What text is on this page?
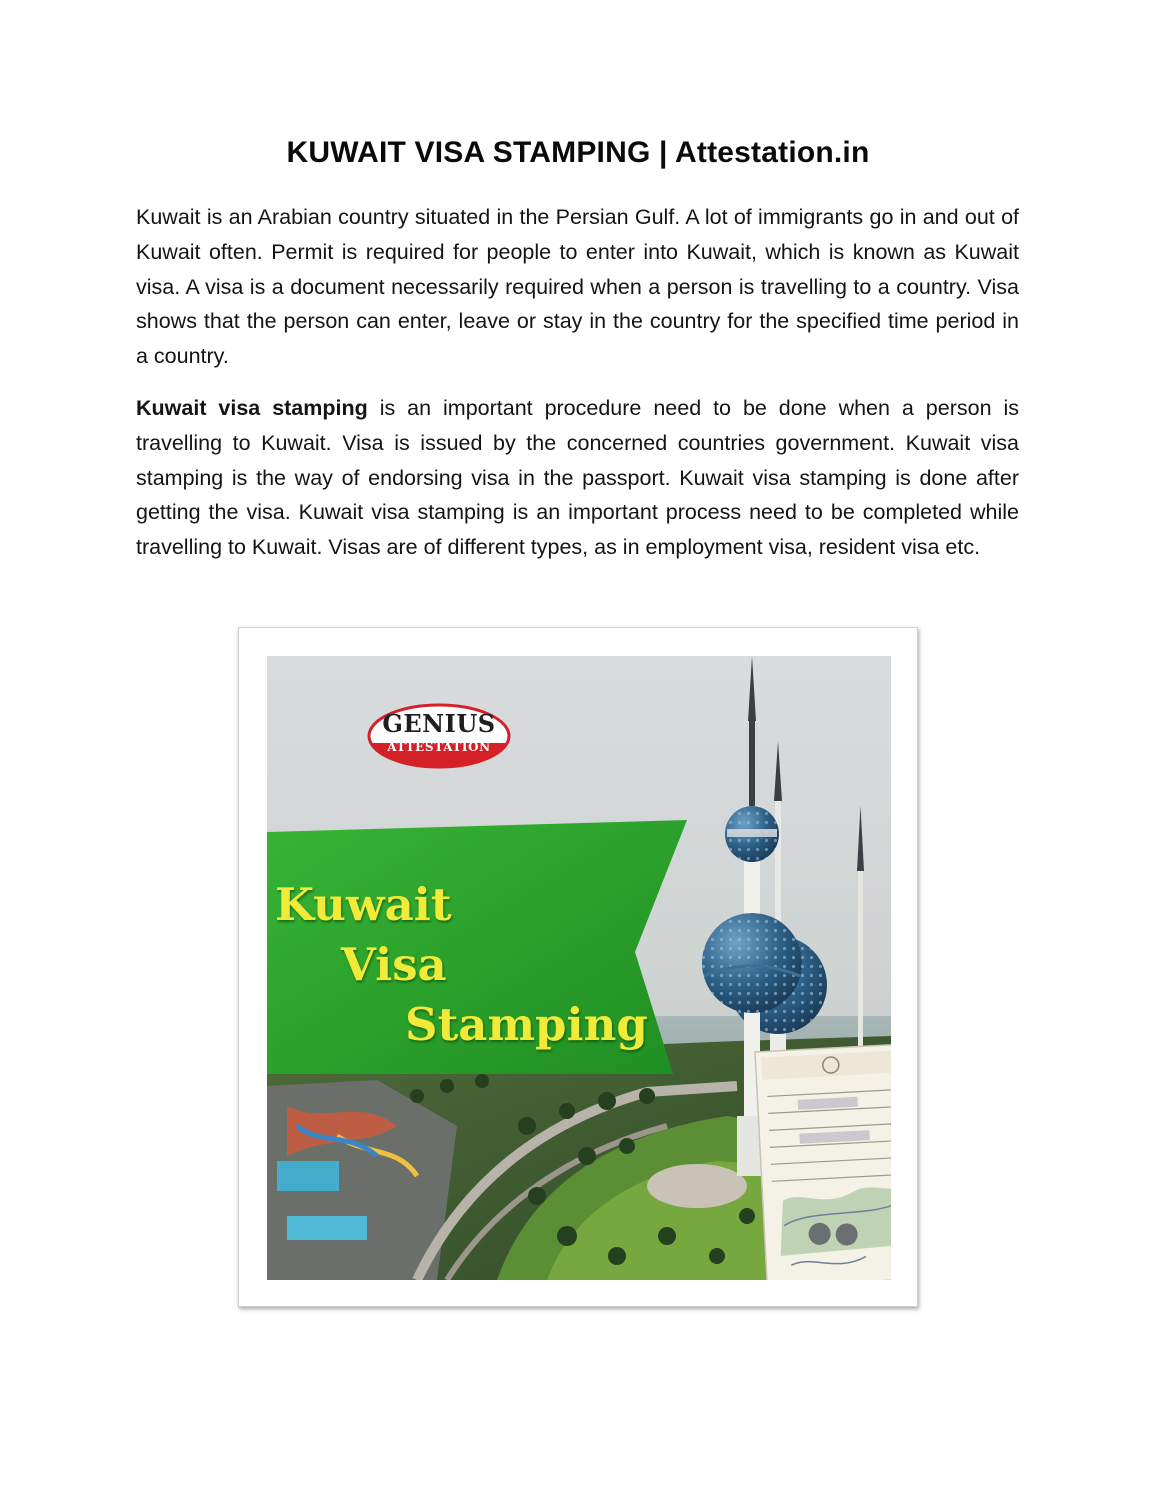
KUWAIT VISA STAMPING | Attestation.in

Kuwait is an Arabian country situated in the Persian Gulf. A lot of immigrants go in and out of Kuwait often. Permit is required for people to enter into Kuwait, which is known as Kuwait visa. A visa is a document necessarily required when a person is travelling to a country. Visa shows that the person can enter, leave or stay in the country for the specified time period in a country.

Kuwait visa stamping is an important procedure need to be done when a person is travelling to Kuwait. Visa is issued by the concerned countries government. Kuwait visa stamping is the way of endorsing visa in the passport. Kuwait visa stamping is done after getting the visa. Kuwait visa stamping is an important process need to be completed while travelling to Kuwait. Visas are of different types, as in employment visa, resident visa etc.

GENIUS
ATTESTATION
Kuwait
Visa
Stamping
